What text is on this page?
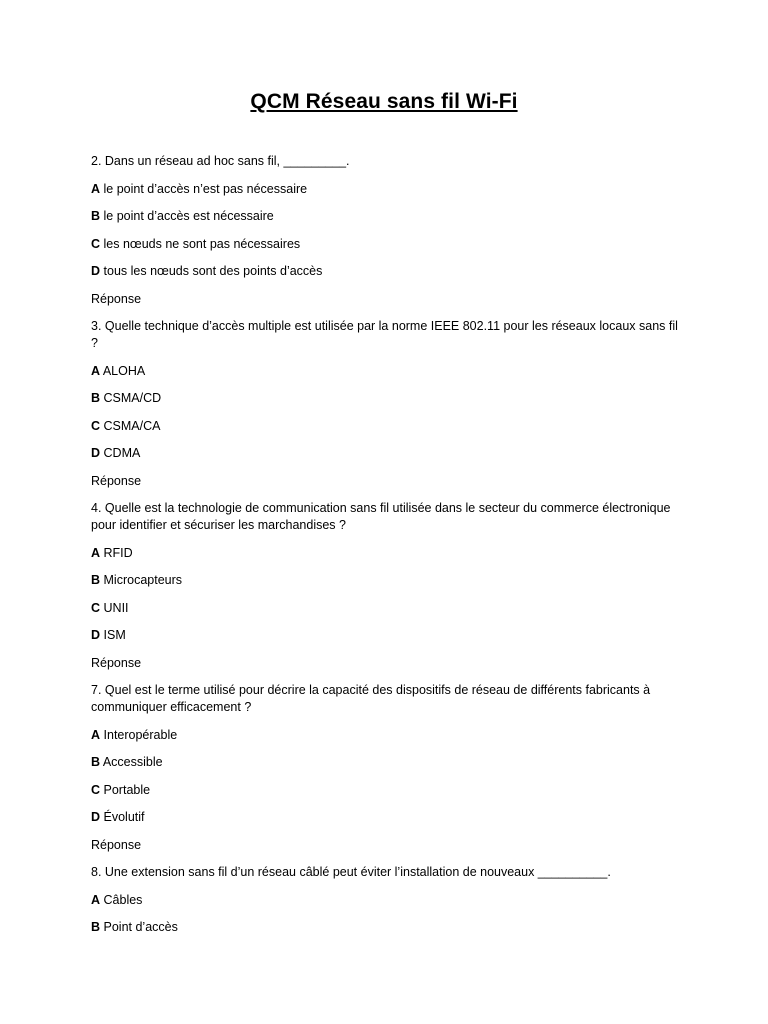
QCM Réseau sans fil Wi-Fi
2. Dans un réseau ad hoc sans fil, _________.
A le point d’accès n’est pas nécessaire
B le point d’accès est nécessaire
C les nœuds ne sont pas nécessaires
D tous les nœuds sont des points d’accès
Réponse
3. Quelle technique d’accès multiple est utilisée par la norme IEEE 802.11 pour les réseaux locaux sans fil ?
A ALOHA
B CSMA/CD
C CSMA/CA
D CDMA
Réponse
4. Quelle est la technologie de communication sans fil utilisée dans le secteur du commerce électronique pour identifier et sécuriser les marchandises ?
A RFID
B Microcapteurs
C UNII
D ISM
Réponse
7. Quel est le terme utilisé pour décrire la capacité des dispositifs de réseau de différents fabricants à communiquer efficacement ?
A Interopérable
B Accessible
C Portable
D Évolutif
Réponse
8. Une extension sans fil d’un réseau câblé peut éviter l’installation de nouveaux __________.
A Câbles
B Point d’accès
